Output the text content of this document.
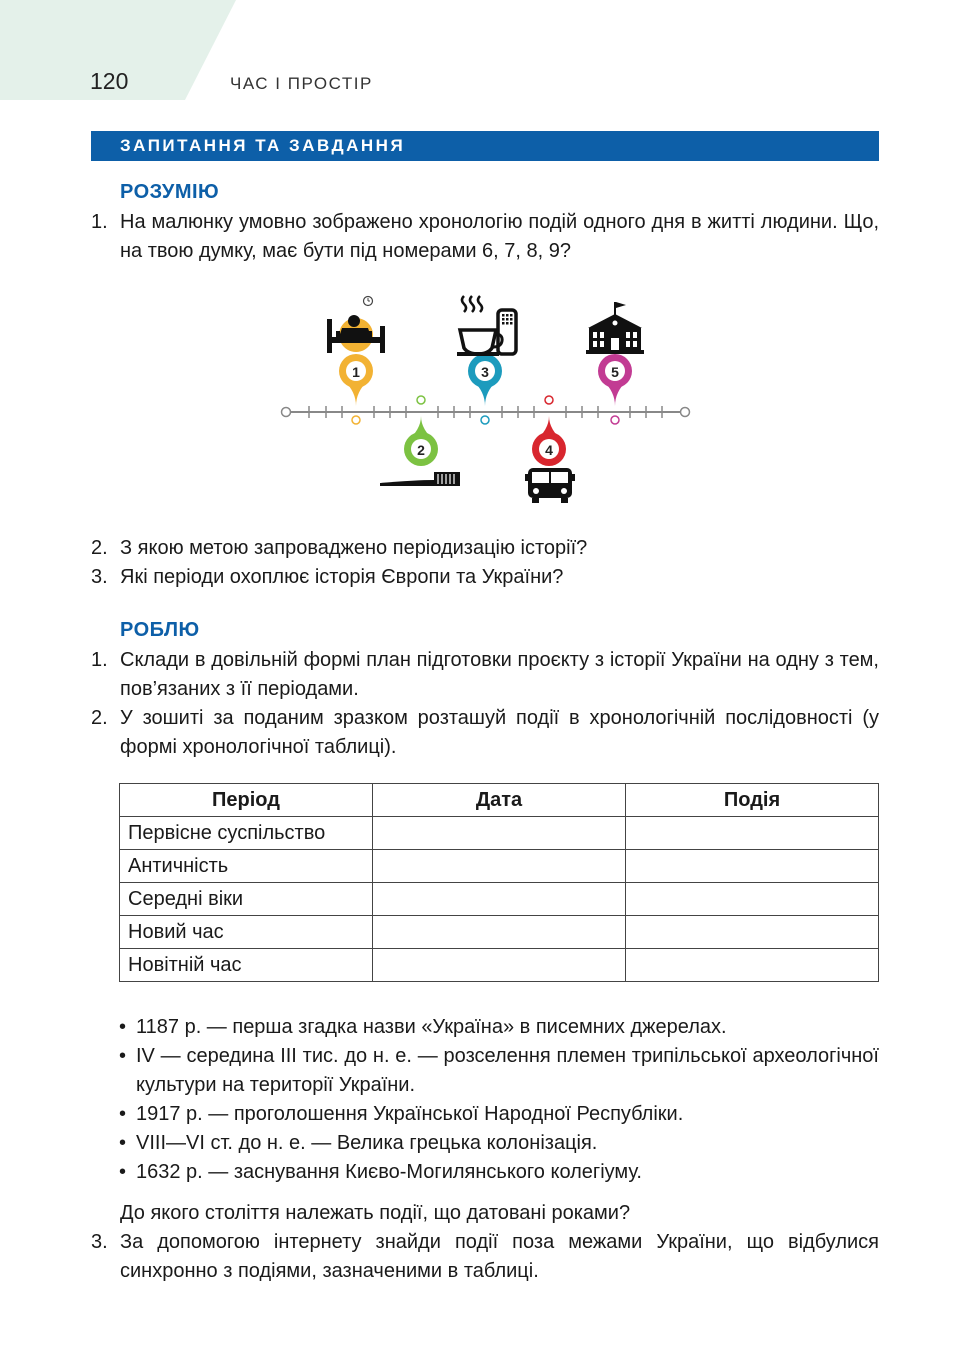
120	ЧАС І ПРОСТІР
ЗАПИТАННЯ ТА ЗАВДАННЯ
РОЗУМІЮ
1. На малюнку умовно зображено хронологію подій одного дня в житті людини. Що, на твою думку, має бути під номерами 6, 7, 8, 9?
1
2
3
4
5
2. З якою метою запроваджено періодизацію історії?
3. Які періоди охоплює історія Європи та України?
РОБЛЮ
1. Склади в довільній формі план підготовки проєкту з історії України на одну з тем, пов’язаних з її періодами.
2. У зошиті за поданим зразком розташуй події в хронологічній послідовності (у формі хронологічної таблиці).
Період	Дата	Подія
Первісне суспільство		
Античність		
Середні віки		
Новий час		
Новітній час		
• 1187 р. — перша згадка назви «Україна» в писемних джерелах.
• IV — середина III тис. до н. е. — розселення племен трипільської археологічної культури на території України.
• 1917 р. — проголошення Української Народної Республіки.
• VIII—VI ст. до н. е. — Велика грецька колонізація.
• 1632 р. — заснування Києво-Могилянського колегіуму.
До якого століття належать події, що датовані роками?
3. За допомогою інтернету знайди події поза межами України, що відбулися синхронно з подіями, зазначеними в таблиці.
